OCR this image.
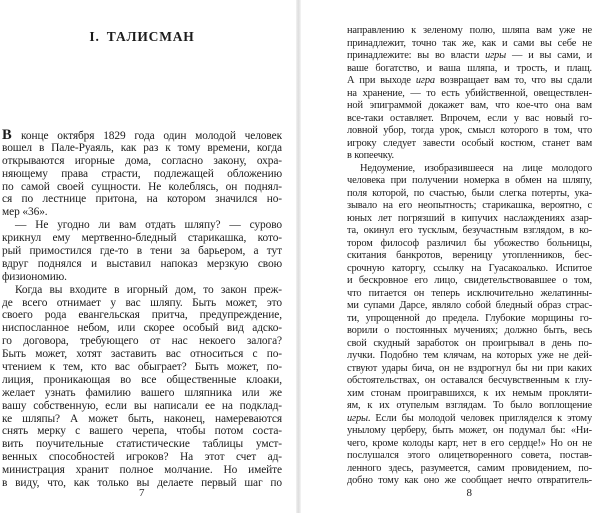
I. ТАЛИСМАН
В конце октября 1829 года один молодой человек
вошел в Пале-Руаяль, как раз к тому времени, когда
открываются игорные дома, согласно закону, охра-
няющему права страсти, подлежащей обложению
по самой своей сущности. Не колеблясь, он поднял-
ся по лестнице притона, на котором значился но-
мер «36».
— Не угодно ли вам отдать шляпу? — сурово
крикнул ему мертвенно-бледный старикашка, кото-
рый примостился где-то в тени за барьером, а тут
вдруг поднялся и выставил напоказ мерзкую свою
физиономию.
Когда вы входите в игорный дом, то закон преж-
де всего отнимает у вас шляпу. Быть может, это
своего рода евангельская притча, предупреждение,
ниспосланное небом, или скорее особый вид адско-
го договора, требующего от нас некоего залога?
Быть может, хотят заставить вас относиться с по-
чтением к тем, кто вас обыграет? Быть может, по-
лиция, проникающая во все общественные клоаки,
желает узнать фамилию вашего шляпника или же
вашу собственную, если вы написали ее на подклад-
ке шляпы? А может быть, наконец, намереваются
снять мерку с вашего черепа, чтобы потом соста-
вить поучительные статистические таблицы умст-
венных способностей игроков? На этот счет ад-
министрация хранит полное молчание. Но имейте
в виду, что, как только вы делаете первый шаг по
7
направлению к зеленому полю, шляпа вам уже не
принадлежит, точно так же, как и сами вы себе не
принадлежите: вы во власти игры — и вы сами, и
ваше богатство, и ваша шляпа, и трость, и плащ.
А при выходе игра возвращает вам то, что вы сдали
на хранение, — то есть убийственной, овеществлен-
ной эпиграммой докажет вам, что кое-что она вам
все-таки оставляет. Впрочем, если у вас новый го-
ловной убор, тогда урок, смысл которого в том, что
игроку следует завести особый костюм, станет вам
в копеечку.
Недоумение, изобразившееся на лице молодого
человека при получении номерка в обмен на шляпу,
поля которой, по счастью, были слегка потерты, ука-
зывало на его неопытность; старикашка, вероятно, с
юных лет погрязший в кипучих наслаждениях азар-
та, окинул его тусклым, безучастным взглядом, в ко-
тором философ различил бы убожество больницы,
скитания банкротов, вереницу утопленников, бес-
срочную каторгу, ссылку на Гуасакоалько. Испитое
и бескровное его лицо, свидетельствовавшее о том,
что питается он теперь исключительно желатинны-
ми супами Дарсе, являло собой бледный образ страс-
ти, упрощенной до предела. Глубокие морщины го-
ворили о постоянных мучениях; должно быть, весь
свой скудный заработок он проигрывал в день по-
лучки. Подобно тем клячам, на которых уже не дей-
ствуют удары бича, он не вздрогнул бы ни при каких
обстоятельствах, он оставался бесчувственным к глу-
хим стонам проигравшихся, к их немым прокляти-
ям, к их отупелым взглядам. То было воплощение
игры. Если бы молодой человек пригляделся к этому
унылому церберу, быть может, он подумал бы: «Ни-
чего, кроме колоды карт, нет в его сердце!» Но он не
послушался этого олицетворенного совета, постав-
ленного здесь, разумеется, самим провидением, по-
добно тому как оно же сообщает нечто отвратитель-
8
